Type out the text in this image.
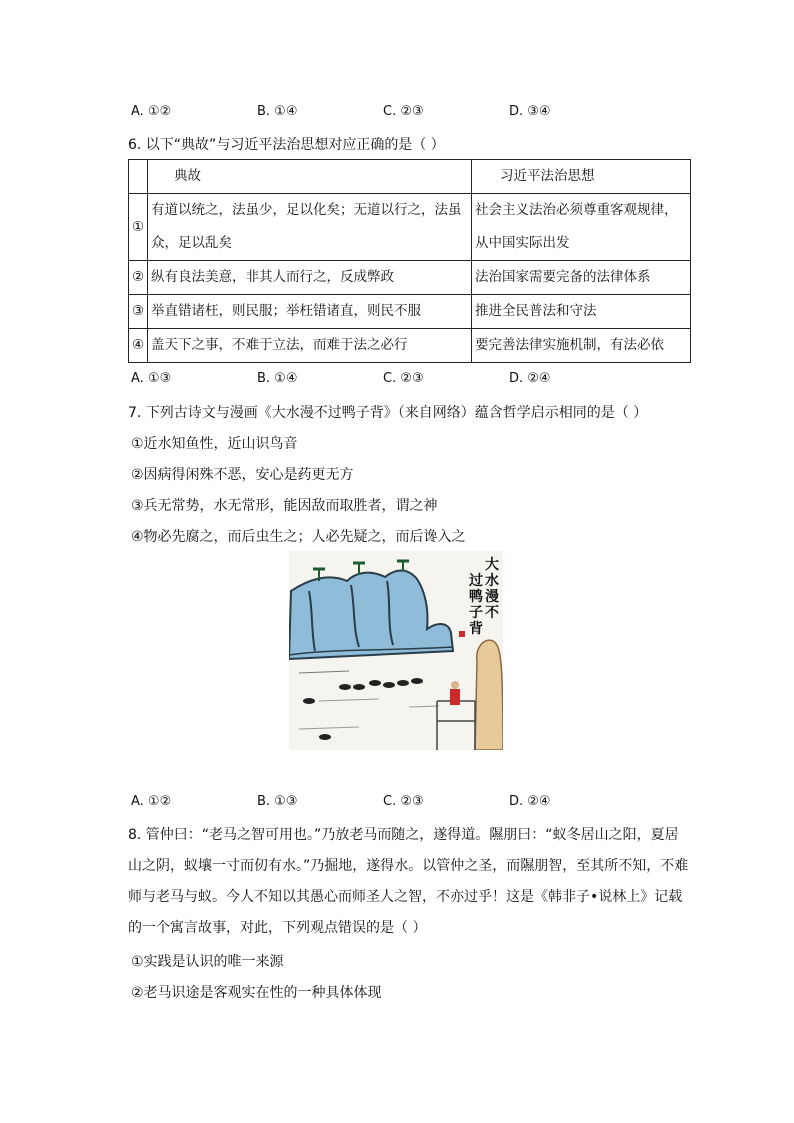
A. ①②	B. ①④	C. ②③	D. ③④
6. 以下“典故”与习近平法治思想对应正确的是（ ）
	典故	习近平法治思想
①	有道以统之，法虽少，足以化矣；无道以行之，法虽众，足以乱矣	社会主义法治必须尊重客观规律，从中国实际出发
②	纵有良法美意，非其人而行之，反成弊政	法治国家需要完备的法律体系
③	举直错诸枉，则民服；举枉错诸直，则民不服	推进全民普法和守法
④	盖天下之事，不难于立法，而难于法之必行	要完善法律实施机制，有法必依
A. ①③	B. ①④	C. ②③	D. ②④
7. 下列古诗文与漫画《大水漫不过鸭子背》（来自网络）蕴含哲学启示相同的是（ ）
①近水知鱼性，近山识鸟音
②因病得闲殊不恶，安心是药更无方
③兵无常势，水无常形，能因敌而取胜者，谓之神
④物必先腐之，而后虫生之；人必先疑之，而后谗入之
大
水
漫
不
过
鸭
子
背
A. ①②	B. ①③	C. ②③	D. ②④
8. 管仲曰：“老马之智可用也。”乃放老马而随之，遂得道。隰朋曰：“蚁冬居山之阳，夏居山之阴，蚁壤一寸而仞有水。”乃掘地，遂得水。以管仲之圣，而隰朋智，至其所不知，不难师与老马与蚁。今人不知以其愚心而师圣人之智，不亦过乎！这是《韩非子•说林上》记载的一个寓言故事，对此，下列观点错误的是（ ）
①实践是认识的唯一来源
②老马识途是客观实在性的一种具体体现
